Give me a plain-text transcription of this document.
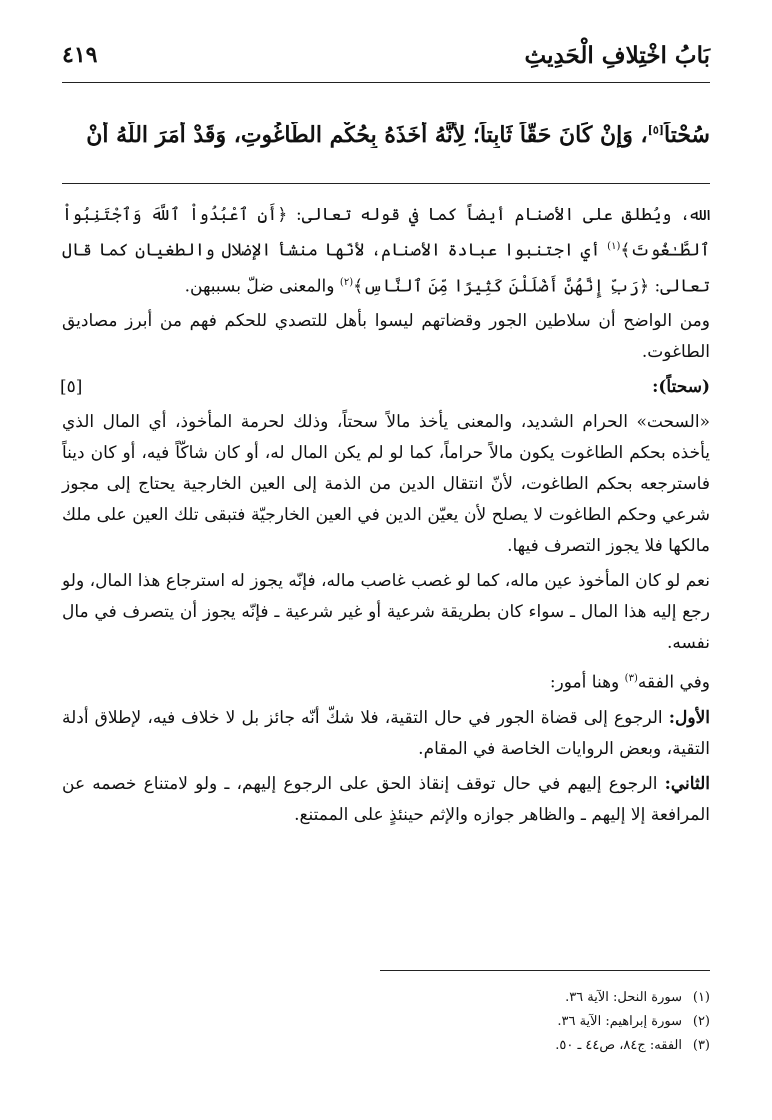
بَابُ اخْتِلافِ الْحَدِيثِ
٤١٩
سُحْتاً[٥]، وَإِنْ كَانَ حَقّاً ثَابِتاً؛ لِأَنَّهُ أَخَذَهُ بِحُكْمِ الطَّاغُوتِ، وَقَدْ أَمَرَ اللَّهُ أَنْ

الله، ويُطلق على الأصنام أيضاً كما في قوله تعالى: ﴿أَنِ ٱعْبُدُواْ ٱللَّهَ وَٱجْتَنِبُواْ ٱلطَّـٰغُوتَ﴾$^{(١)}$ أي اجتنبوا عبادة الأصنام، لأنّها منشأ الإضلال والطغيان كما قال تعالى: ﴿رَبِّ إِنَّهُنَّ أَضْلَلْنَ كَثِيرًا مِّنَ ٱلنَّاسِ﴾$^{(٢)}$ والمعنى ضلّ بسببهن.

ومن الواضح أن سلاطين الجور وقضاتهم ليسوا بأهل للتصدي للحكم فهم من أبرز مصاديق الطاغوت.

(سحتاً):
[٥]

«السحت» الحرام الشديد، والمعنى يأخذ مالاً سحتاً، وذلك لحرمة المأخوذ، أي المال الذي يأخذه بحكم الطاغوت يكون مالاً حراماً، كما لو لم يكن المال له، أو كان شاكّاً فيه، أو كان ديناً فاسترجعه بحكم الطاغوت، لأنّ انتقال الدين من الذمة إلى العين الخارجية يحتاج إلى مجوز شرعي وحكم الطاغوت لا يصلح لأن يعيّن الدين في العين الخارجيّة فتبقى تلك العين على ملك مالكها فلا يجوز التصرف فيها.

نعم لو كان المأخوذ عين ماله، كما لو غصب غاصب ماله، فإنّه يجوز له استرجاع هذا المال، ولو رجع إليه هذا المال ـ سواء كان بطريقة شرعية أو غير شرعية ـ فإنّه يجوز أن يتصرف في مال نفسه.

وفي الفقه$^{(٣)}$ وهنا أمور:

الأول: الرجوع إلى قضاة الجور في حال التقية، فلا شكّ أنّه جائز بل لا خلاف فيه، لإطلاق أدلة التقية، وبعض الروايات الخاصة في المقام.

الثاني: الرجوع إليهم في حال توقف إنقاذ الحق على الرجوع إليهم، ـ ولو لامتناع خصمه عن المرافعة إلا إليهم ـ والظاهر جوازه والإثم حينئذٍ على الممتنع.

(١)سورة النحل: الآية ٣٦.
(٢)سورة إبراهيم: الآية ٣٦.
(٣)الفقه: ج٨٤، ص٤٤ ـ ٥٠.
